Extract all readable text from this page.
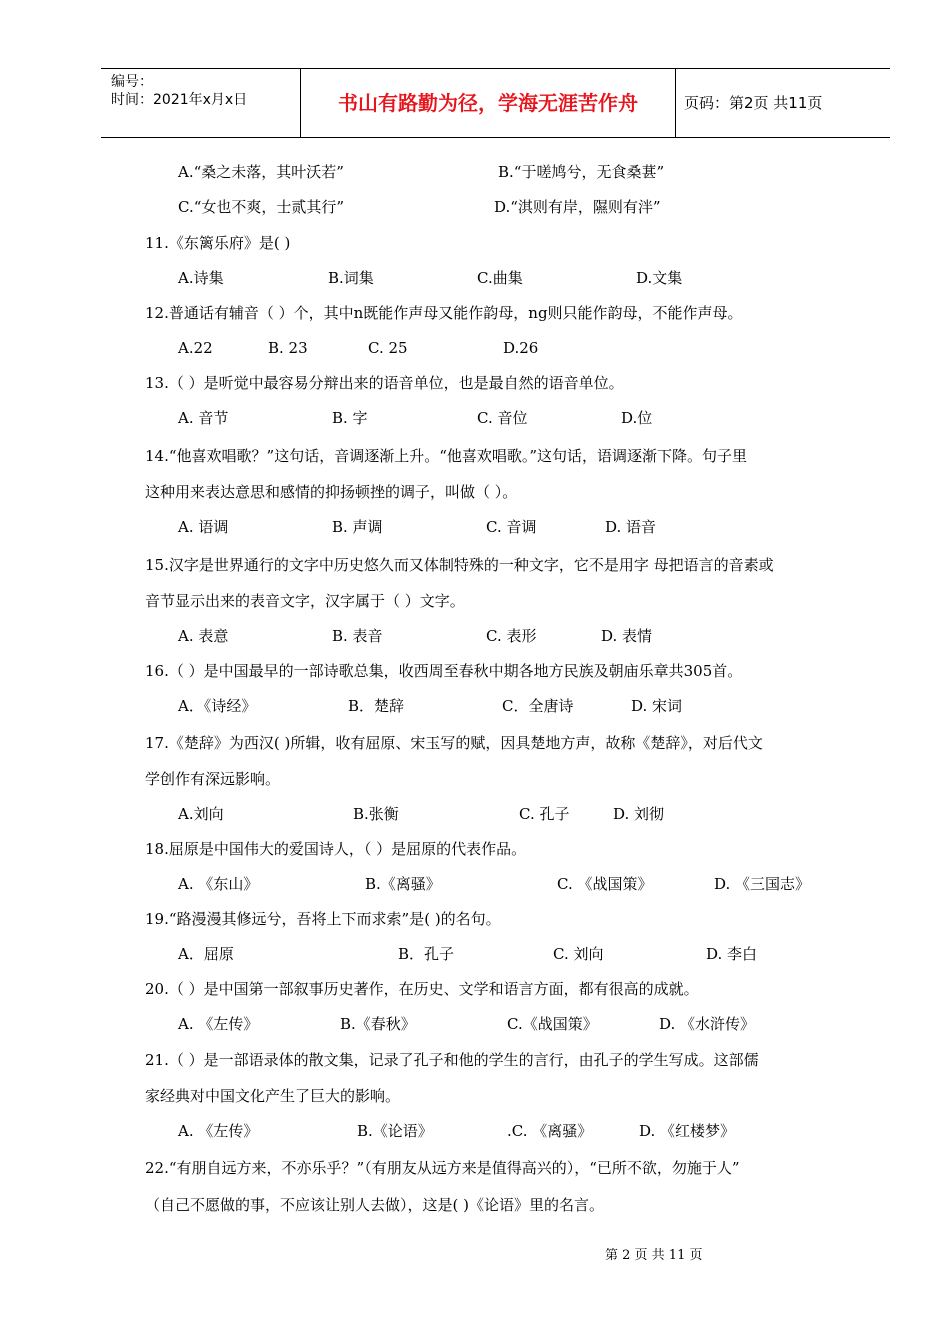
编号：
时间：2021年x月x日	书山有路勤为径，学海无涯苦作舟	页码：第2页 共11页
A.“桑之未落，其叶沃若”	B.“于嗟鸠兮，无食桑葚”
C.“女也不爽，士贰其行”	D.“淇则有岸，隰则有泮”
11.《东篱乐府》是( )
A.诗集	B.词集	C.曲集	D.文集
12.普通话有辅音（ ）个，其中n既能作声母又能作韵母，ng则只能作韵母，不能作声母。
A.22	B. 23	C. 25	D.26
13.（ ）是听觉中最容易分辩出来的语音单位，也是最自然的语音单位。
A. 音节	B. 字	C. 音位	D.位
14.“他喜欢唱歌？”这句话，音调逐渐上升。“他喜欢唱歌。”这句话，语调逐渐下降。句子里
这种用来表达意思和感情的抑扬顿挫的调子，叫做（ ）。
A. 语调	B. 声调	C. 音调	D. 语音
15.汉字是世界通行的文字中历史悠久而又体制特殊的一种文字，它不是用字 母把语言的音素或
音节显示出来的表音文字，汉字属于（ ）文字。
A. 表意	B. 表音	C. 表形	D. 表情
16.（ ）是中国最早的一部诗歌总集，收西周至春秋中期各地方民族及朝庙乐章共305首。
A．《诗经》	B．楚辞	C．全唐诗	D. 宋词
17.《楚辞》为西汉( )所辑，收有屈原、宋玉写的赋，因具楚地方声，故称《楚辞》，对后代文
学创作有深远影响。
A.刘向	B.张衡	C. 孔子	D. 刘彻
18.屈原是中国伟大的爱国诗人，（ ）是屈原的代表作品。
A. 《东山》	B.《离骚》	C. 《战国策》	D. 《三国志》
19.“路漫漫其修远兮，吾将上下而求索”是( )的名句。
A．屈原	B．孔子	C. 刘向	D. 李白
20.（ ）是中国第一部叙事历史著作，在历史、文学和语言方面，都有很高的成就。
A. 《左传》	B.《春秋》	C.《战国策》	D. 《水浒传》
21.（ ）是一部语录体的散文集，记录了孔子和他的学生的言行，由孔子的学生写成。这部儒
家经典对中国文化产生了巨大的影响。
A. 《左传》	B.《论语》	.C. 《离骚》	D. 《红楼梦》
22.“有朋自远方来，不亦乐乎？”（有朋友从远方来是值得高兴的），“已所不欲，勿施于人”
（自己不愿做的事，不应该让别人去做），这是( )《论语》里的名言。
第 2 页 共 11 页
